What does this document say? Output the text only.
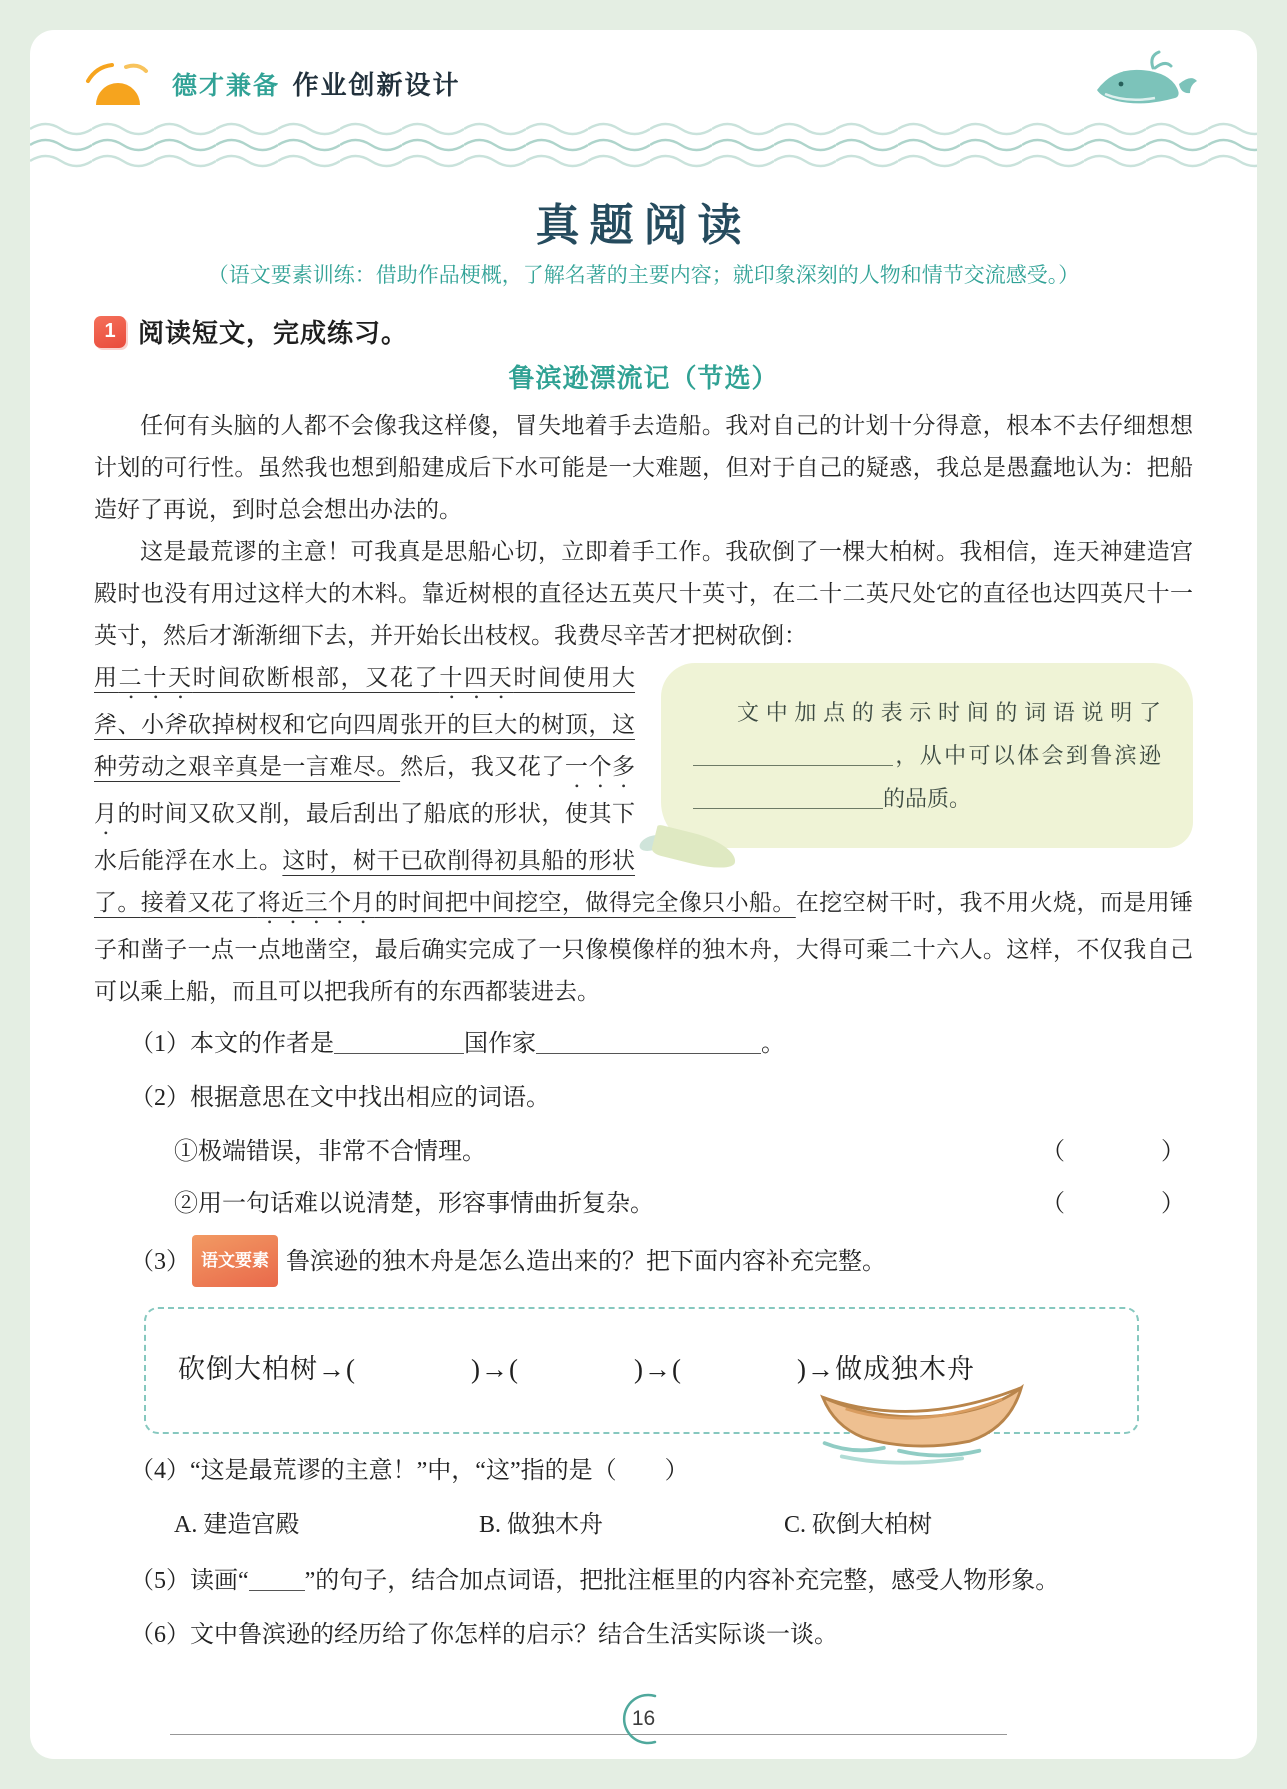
德才兼备 作业创新设计
真题阅读
（语文要素训练：借助作品梗概，了解名著的主要内容；就印象深刻的人物和情节交流感受。）
1 阅读短文，完成练习。
鲁滨逊漂流记（节选）
任何有头脑的人都不会像我这样傻，冒失地着手去造船。我对自己的计划十分得意，根本不去仔细想想计划的可行性。虽然我也想到船建成后下水可能是一大难题，但对于自己的疑惑，我总是愚蠢地认为：把船造好了再说，到时总会想出办法的。
这是最荒谬的主意！可我真是思船心切，立即着手工作。我砍倒了一棵大柏树。我相信，连天神建造宫殿时也没有用过这样大的木料。靠近树根的直径达五英尺十英寸，在二十二英尺处它的直径也达四英尺十一英寸，然后才渐渐细下去，并开始长出枝杈。我费尽辛苦才把树砍倒：
文中加点的表示时间的词语说明了，从中可以体会到鲁滨逊的品质。
用二十天时间砍断根部，又花了十四天时间使用大斧、小斧砍掉树杈和它向四周张开的巨大的树顶，这种劳动之艰辛真是一言难尽。然后，我又花了一个多月的时间又砍又削，最后刮出了船底的形状，使其下水后能浮在水上。这时，树干已砍削得初具船的形状了。接着又花了将近三个月的时间把中间挖空，做得完全像只小船。在挖空树干时，我不用火烧，而是用锤子和凿子一点一点地凿空，最后确实完成了一只像模像样的独木舟，大得可乘二十六人。这样，不仅我自己可以乘上船，而且可以把我所有的东西都装进去。
（1）本文的作者是	国作家	。
（2）根据意思在文中找出相应的词语。
①极端错误，非常不合情理。	（　　　　）
②用一句话难以说清楚，形容事情曲折复杂。	（　　　　）
（3） 语文要素 鲁滨逊的独木舟是怎么造出来的？把下面内容补充完整。
砍倒大柏树→(	)→(	)→(	)→做成独木舟
（4）“这是最荒谬的主意！”中，“这”指的是（　　）
A. 建造宫殿	B. 做独木舟	C. 砍倒大柏树
（5）读画“ ”的句子，结合加点词语，把批注框里的内容补充完整，感受人物形象。
（6）文中鲁滨逊的经历给了你怎样的启示？结合生活实际谈一谈。
16
